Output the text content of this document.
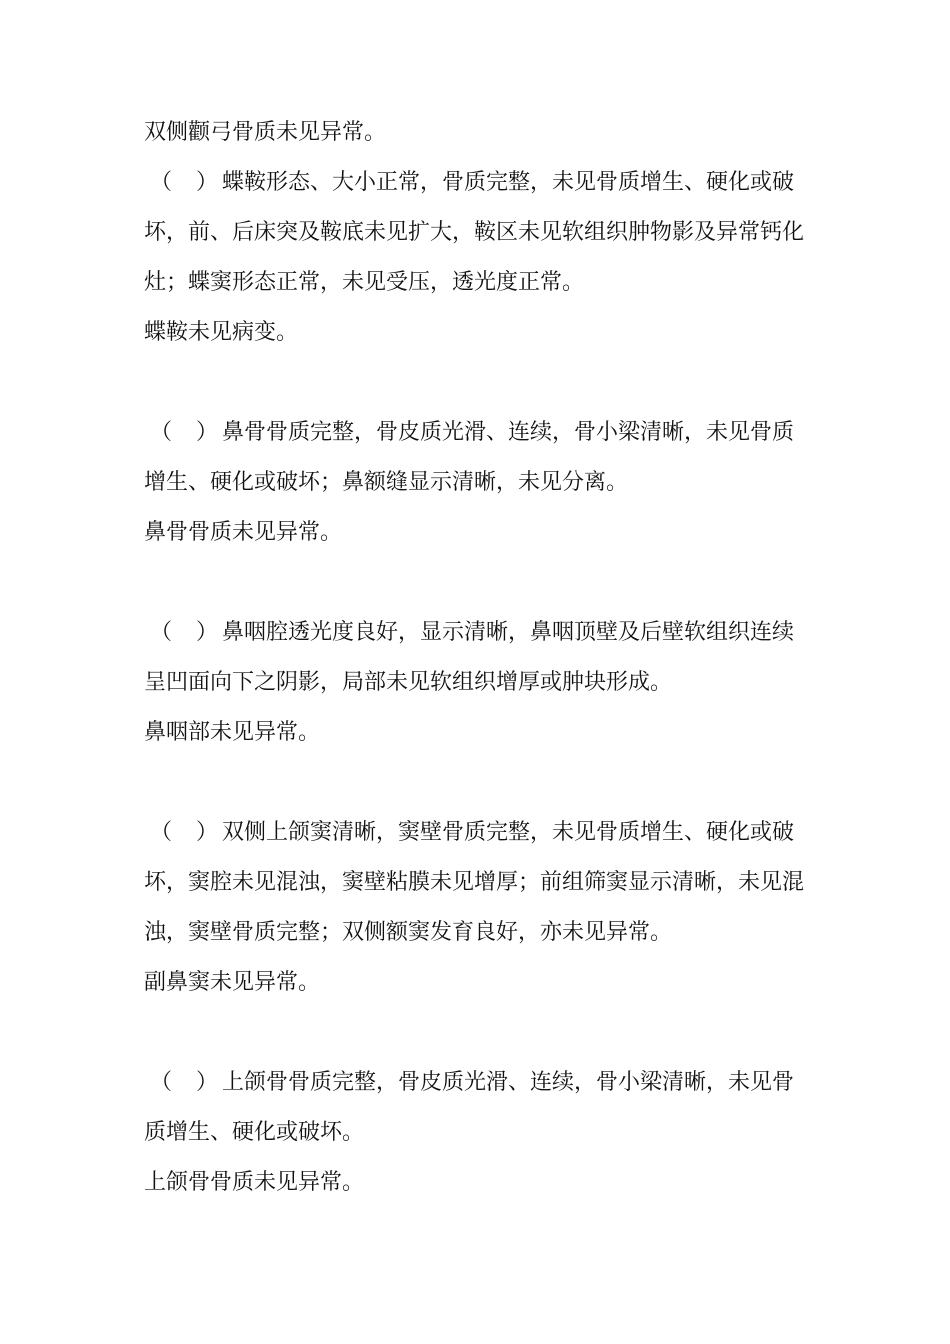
双侧颧弓骨质未见异常。
（ ） 蝶鞍形态、大小正常，骨质完整，未见骨质增生、硬化或破
坏，前、后床突及鞍底未见扩大，鞍区未见软组织肿物影及异常钙化
灶；蝶窦形态正常，未见受压，透光度正常。
蝶鞍未见病变。
（ ） 鼻骨骨质完整，骨皮质光滑、连续，骨小梁清晰，未见骨质
增生、硬化或破坏；鼻额缝显示清晰，未见分离。
鼻骨骨质未见异常。
（ ） 鼻咽腔透光度良好，显示清晰，鼻咽顶壁及后壁软组织连续
呈凹面向下之阴影，局部未见软组织增厚或肿块形成。
鼻咽部未见异常。
（ ） 双侧上颌窦清晰，窦壁骨质完整，未见骨质增生、硬化或破
坏，窦腔未见混浊，窦壁粘膜未见增厚；前组筛窦显示清晰，未见混
浊，窦壁骨质完整；双侧额窦发育良好，亦未见异常。
副鼻窦未见异常。
（ ） 上颌骨骨质完整，骨皮质光滑、连续，骨小梁清晰，未见骨
质增生、硬化或破坏。
上颌骨骨质未见异常。
